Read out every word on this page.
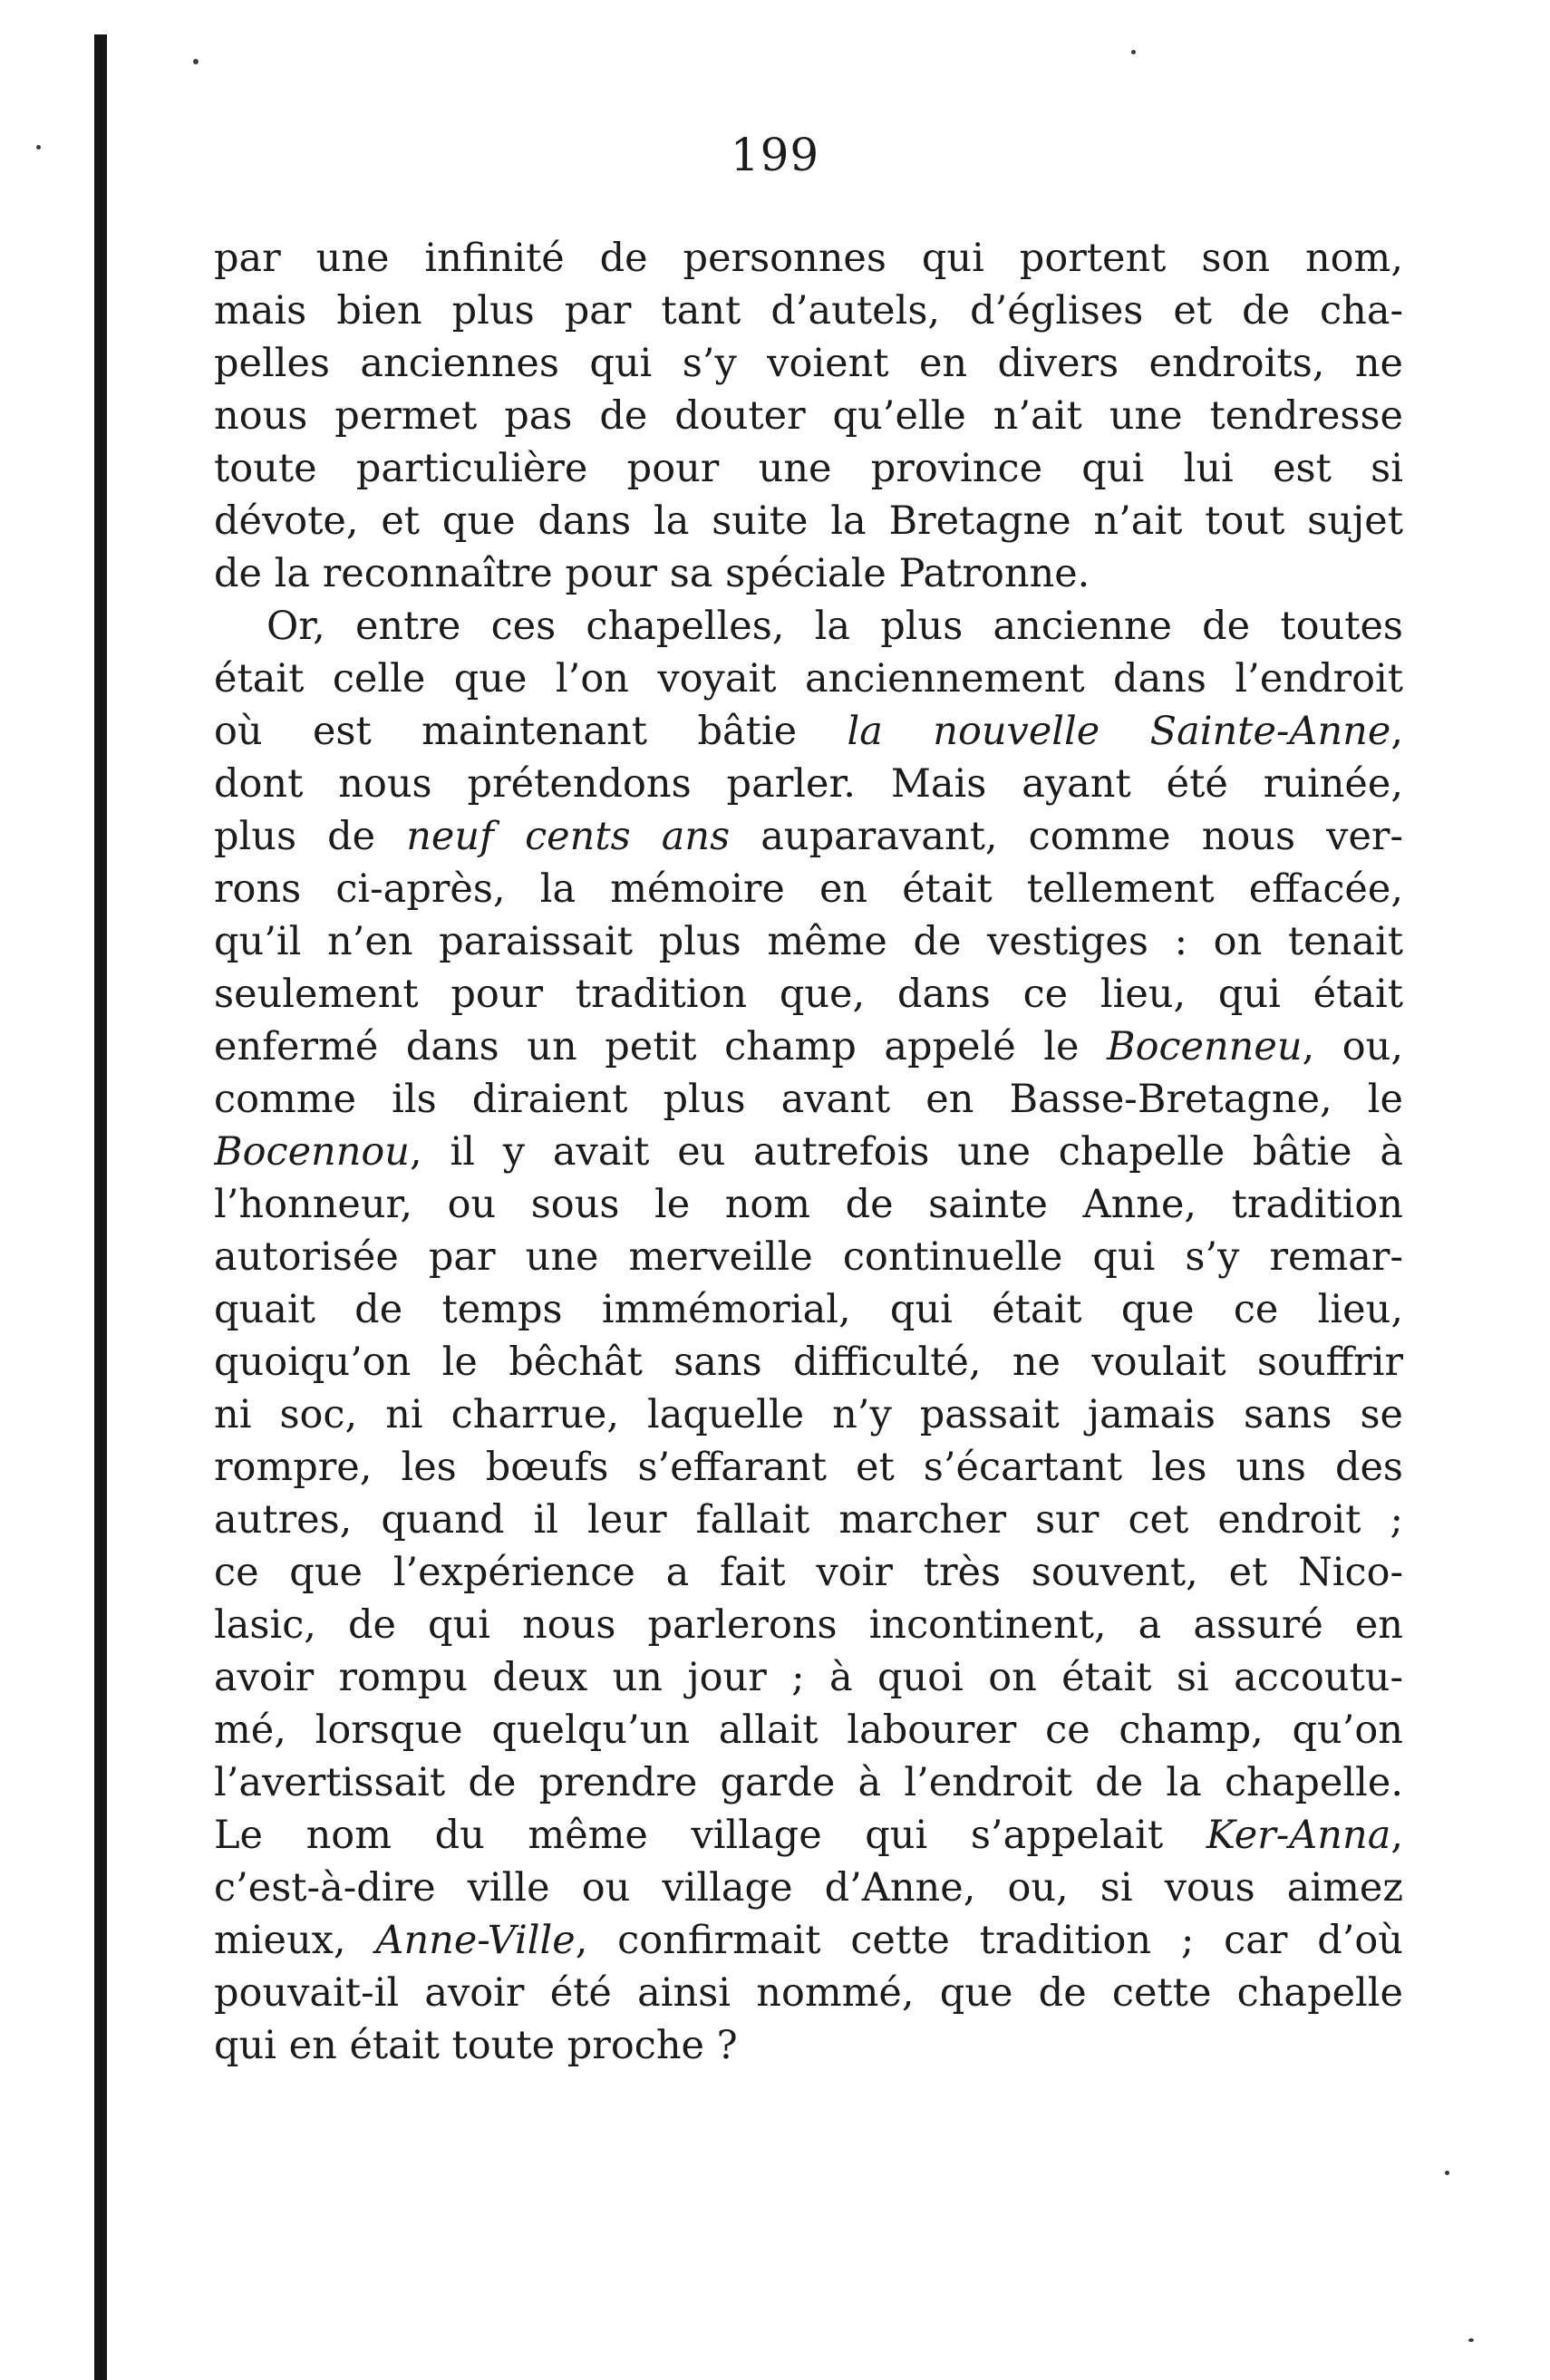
199
par une infinité de personnes qui portent son nom,
mais bien plus par tant d’autels, d’églises et de cha-
pelles anciennes qui s’y voient en divers endroits, ne
nous permet pas de douter qu’elle n’ait une tendresse
toute particulière pour une province qui lui est si
dévote, et que dans la suite la Bretagne n’ait tout sujet
de la reconnaître pour sa spéciale Patronne.
Or, entre ces chapelles, la plus ancienne de toutes
était celle que l’on voyait anciennement dans l’endroit
où est maintenant bâtie la nouvelle Sainte-Anne,
dont nous prétendons parler. Mais ayant été ruinée,
plus de neuf cents ans auparavant, comme nous ver-
rons ci-après, la mémoire en était tellement effacée,
qu’il n’en paraissait plus même de vestiges : on tenait
seulement pour tradition que, dans ce lieu, qui était
enfermé dans un petit champ appelé le Bocenneu, ou,
comme ils diraient plus avant en Basse-Bretagne, le
Bocennou, il y avait eu autrefois une chapelle bâtie à
l’honneur, ou sous le nom de sainte Anne, tradition
autorisée par une merveille continuelle qui s’y remar-
quait de temps immémorial, qui était que ce lieu,
quoiqu’on le bêchât sans difficulté, ne voulait souffrir
ni soc, ni charrue, laquelle n’y passait jamais sans se
rompre, les bœufs s’effarant et s’écartant les uns des
autres, quand il leur fallait marcher sur cet endroit ;
ce que l’expérience a fait voir très souvent, et Nico-
lasic, de qui nous parlerons incontinent, a assuré en
avoir rompu deux un jour ; à quoi on était si accoutu-
mé, lorsque quelqu’un allait labourer ce champ, qu’on
l’avertissait de prendre garde à l’endroit de la chapelle.
Le nom du même village qui s’appelait Ker-Anna,
c’est-à-dire ville ou village d’Anne, ou, si vous aimez
mieux, Anne-Ville, confirmait cette tradition ; car d’où
pouvait-il avoir été ainsi nommé, que de cette chapelle
qui en était toute proche ?
